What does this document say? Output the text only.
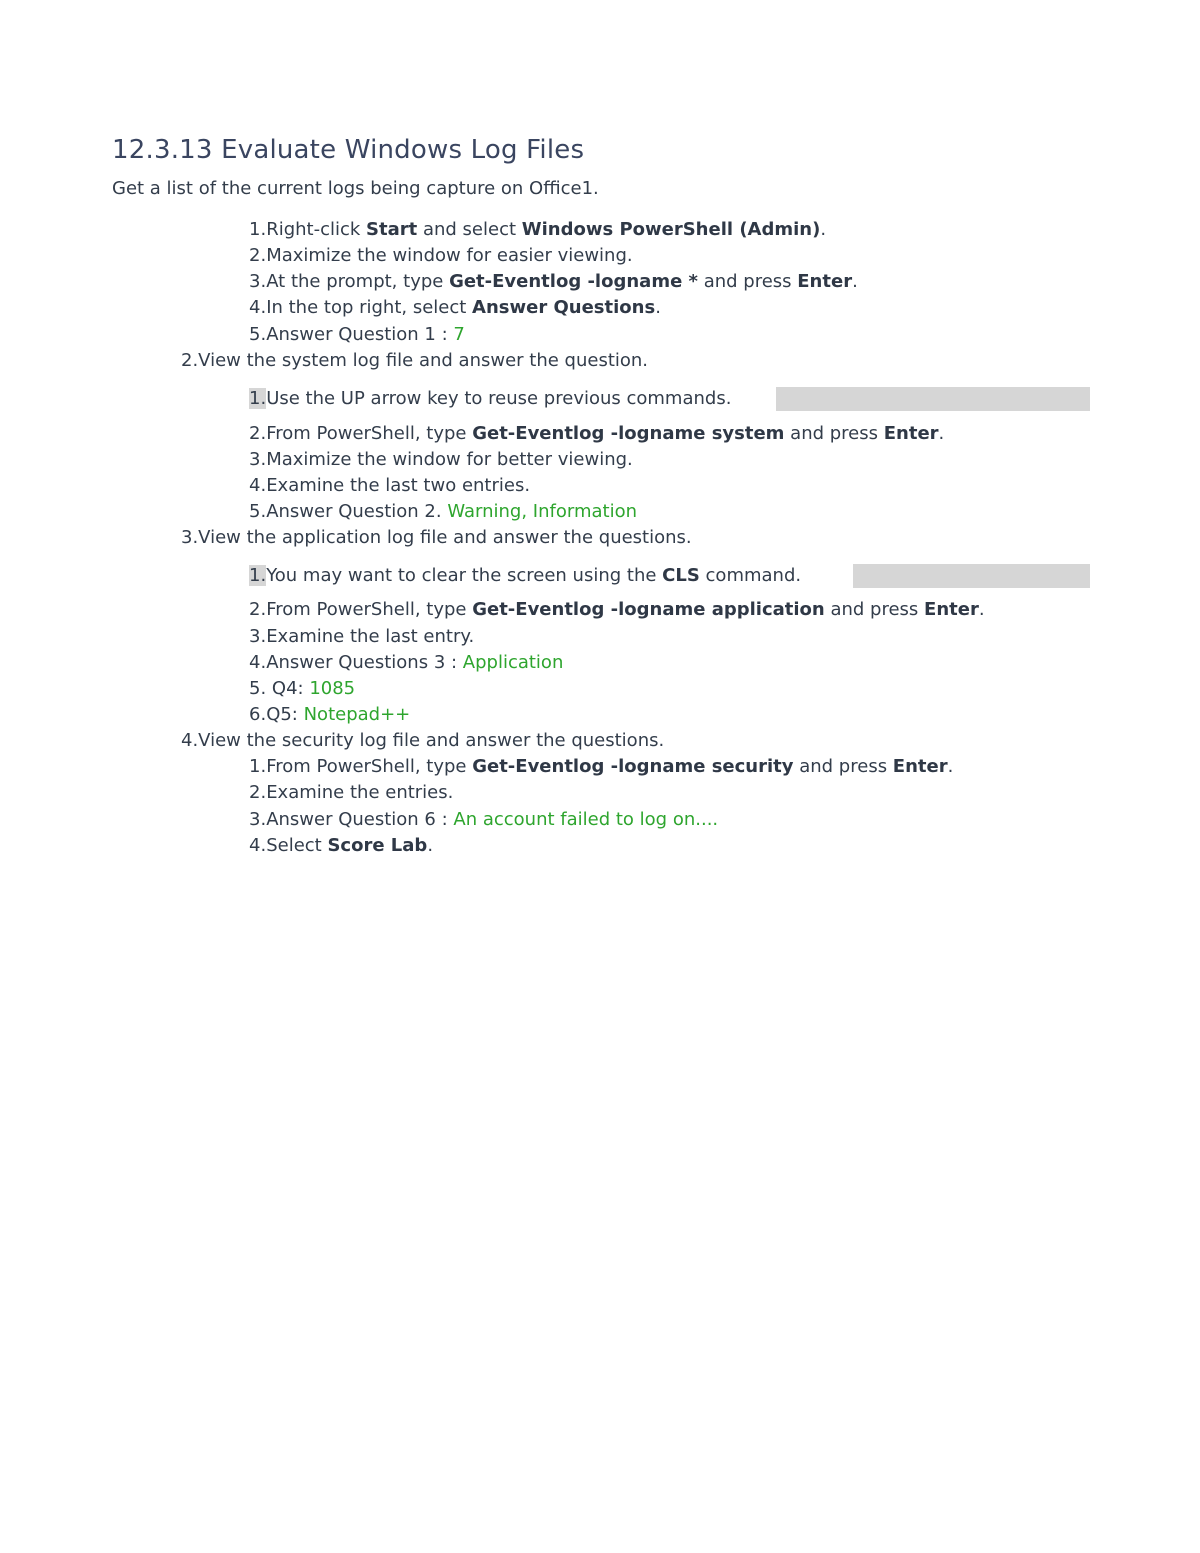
12.3.13 Evaluate Windows Log Files
Get a list of the current logs being capture on Office1.
1.Right-click Start and select Windows PowerShell (Admin).
2.Maximize the window for easier viewing.
3.At the prompt, type Get-Eventlog -logname * and press Enter.
4.In the top right, select Answer Questions.
5.Answer Question 1 : 7
2.View the system log file and answer the question.
1.Use the UP arrow key to reuse previous commands.
2.From PowerShell, type Get-Eventlog -logname system and press Enter.
3.Maximize the window for better viewing.
4.Examine the last two entries.
5.Answer Question 2. Warning, Information
3.View the application log file and answer the questions.
1.You may want to clear the screen using the CLS command.
2.From PowerShell, type Get-Eventlog -logname application and press Enter.
3.Examine the last entry.
4.Answer Questions 3 : Application
5. Q4: 1085
6.Q5: Notepad++
4.View the security log file and answer the questions.
1.From PowerShell, type Get-Eventlog -logname security and press Enter.
2.Examine the entries.
3.Answer Question 6 : An account failed to log on....
4.Select Score Lab.
